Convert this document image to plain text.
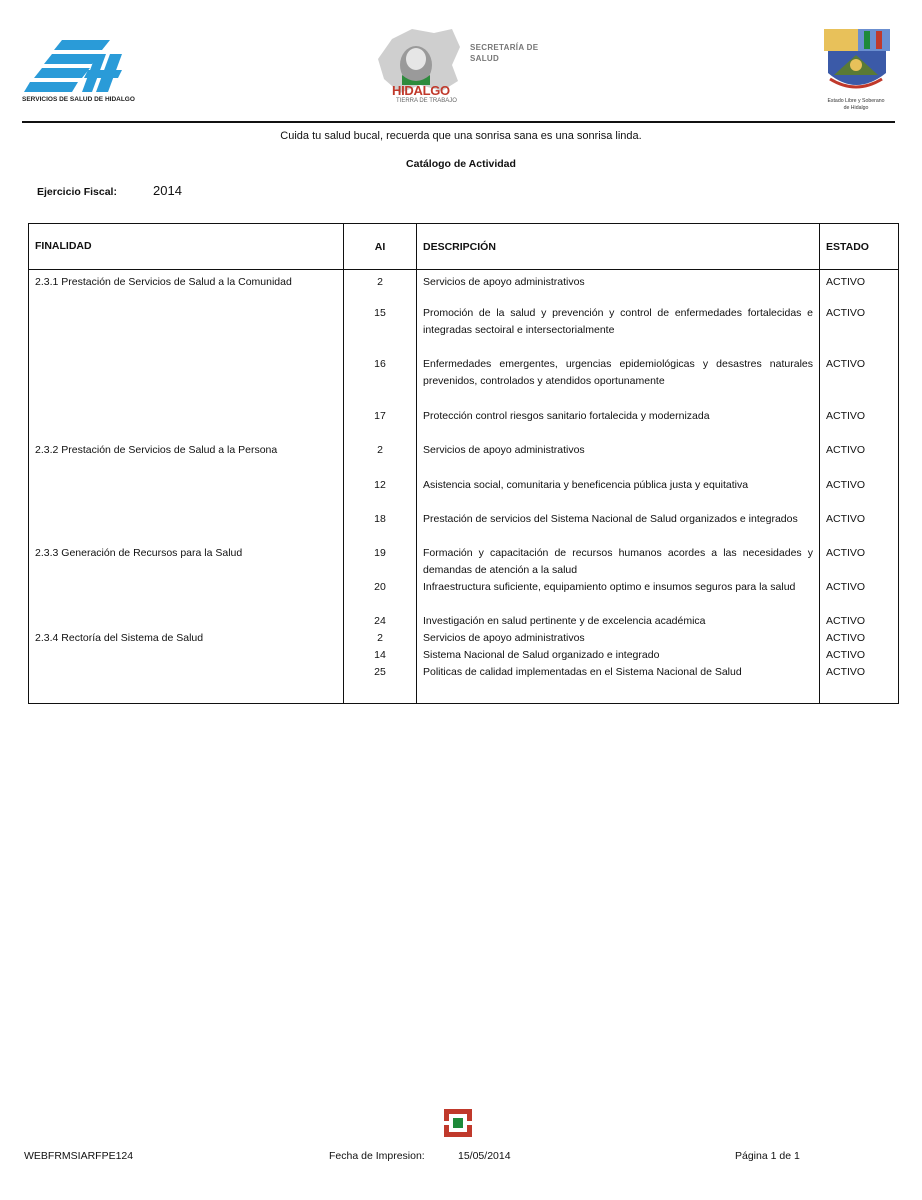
SERVICIOS DE SALUD DE HIDALGO
SECRETARÍA DE
SALUD
HIDALGO
TIERRA DE TRABAJO	Estado Libre y Soberano
de Hidalgo
Cuida tu salud bucal, recuerda que una sonrisa sana es una sonrisa linda.
Catálogo de Actividad
Ejercicio Fiscal:	2014
FINALIDAD	AI	DESCRIPCIÓN	ESTADO
2.3.1 Prestación de Servicios de Salud a la Comunidad	2	Servicios de apoyo administrativos	ACTIVO
	15	Promoción de la salud y prevención y control de enfermedades fortalecidas e integradas sectoiral e intersectorialmente	ACTIVO
	16	Enfermedades emergentes, urgencias epidemiológicas y desastres naturales prevenidos, controlados y atendidos oportunamente	ACTIVO
	17	Protección control riesgos sanitario fortalecida y modernizada	ACTIVO
2.3.2 Prestación de Servicios de Salud a la Persona	2	Servicios de apoyo administrativos	ACTIVO
	12	Asistencia social, comunitaria y beneficencia pública justa y equitativa	ACTIVO
	18	Prestación de servicios del Sistema Nacional de Salud organizados e integrados	ACTIVO
2.3.3 Generación de Recursos para la Salud	19	Formación y capacitación de recursos humanos acordes a las necesidades y demandas de atención a la salud	ACTIVO
	20	Infraestructura suficiente, equipamiento optimo e insumos seguros para la salud	ACTIVO
	24	Investigación en salud pertinente y de excelencia académica	ACTIVO
2.3.4 Rectoría del Sistema de Salud	2	Servicios de apoyo administrativos	ACTIVO
	14	Sistema Nacional de Salud organizado e integrado	ACTIVO
	25	Politicas de calidad implementadas en el Sistema Nacional de Salud	ACTIVO
WEBFRMSIARFPE124	Fecha de Impresion:	15/05/2014	Página 1 de 1
